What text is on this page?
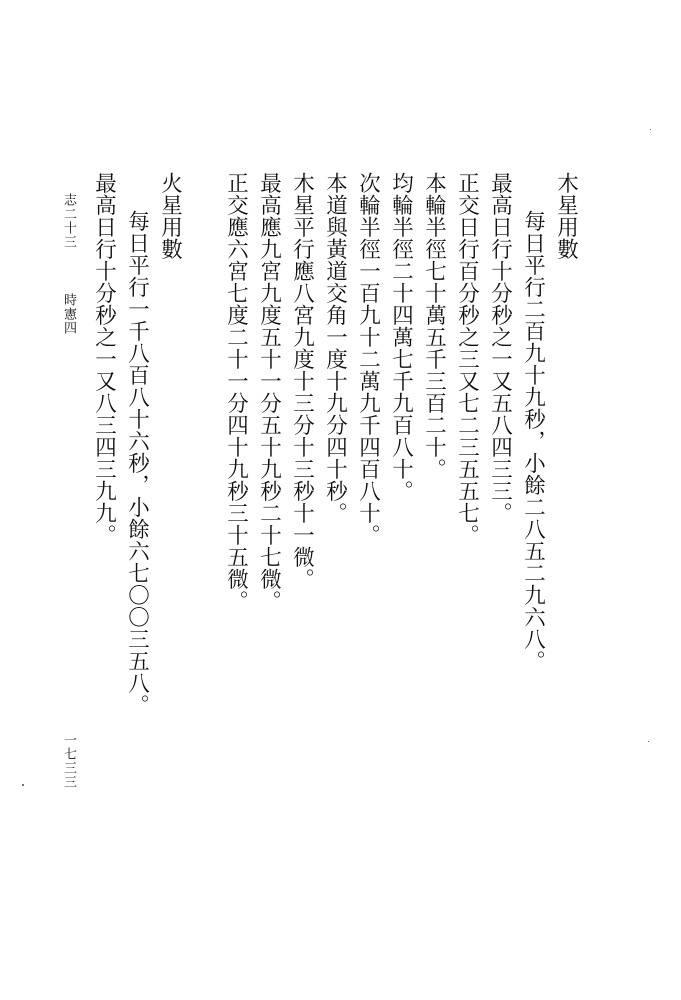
木星用數
每日平行二百九十九秒，小餘二八五二九六八。
最高日行十分秒之一又五八四三三。
正交日行百分秒之三又七二三五五七。
本輪半徑七十萬五千三百二十。
均輪半徑二十四萬七千九百八十。
次輪半徑一百九十二萬九千四百八十。
本道與黃道交角一度十九分四十秒。
木星平行應八宮九度十三分十三秒十一微。
最高應九宮九度五十一分五十九秒二十七微。
正交應六宮七度二十一分四十九秒三十五微。
火星用數
每日平行一千八百八十六秒，小餘六七〇〇三五八。
最高日行十分秒之一又八三四三九九。
志二十三
時憲四
一七三三
